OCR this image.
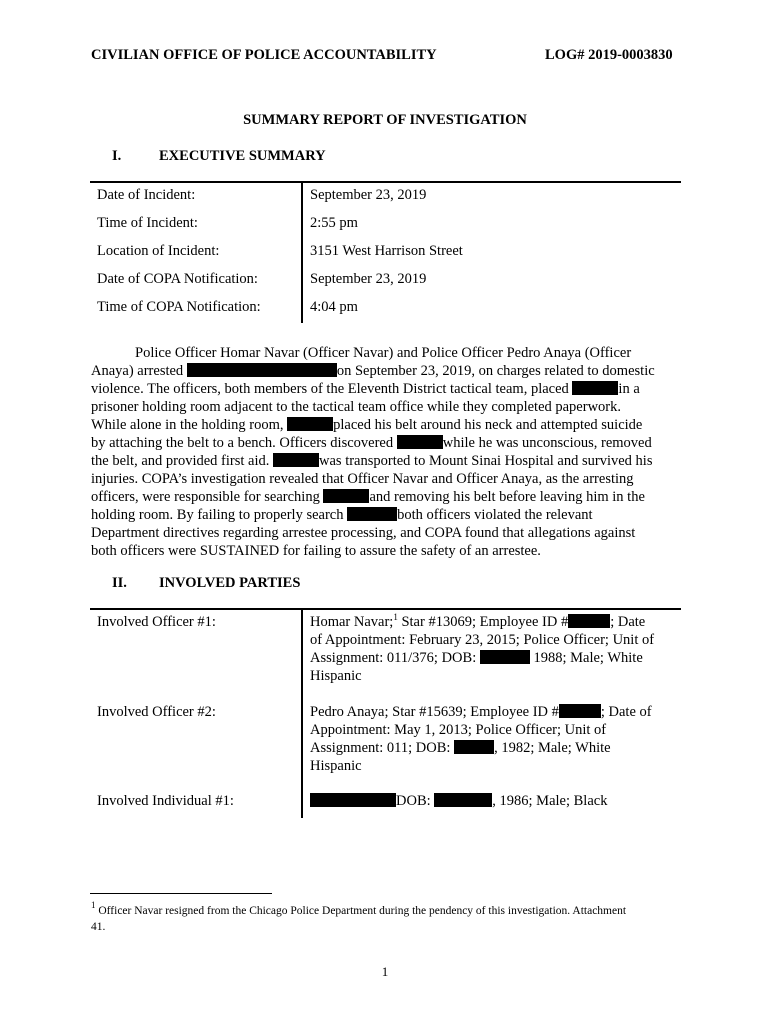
CIVILIAN OFFICE OF POLICE ACCOUNTABILITY	LOG# 2019-0003830
SUMMARY REPORT OF INVESTIGATION
I.	EXECUTIVE SUMMARY
Date of Incident:	September 23, 2019
Time of Incident:	2:55 pm
Location of Incident:	3151 West Harrison Street
Date of COPA Notification:	September 23, 2019
Time of COPA Notification:	4:04 pm
Police Officer Homar Navar (Officer Navar) and Police Officer Pedro Anaya (Officer
Anaya) arrested	on September 23, 2019, on charges related to domestic
violence. The officers, both members of the Eleventh District tactical team, placed	in a
prisoner holding room adjacent to the tactical team office while they completed paperwork.
While alone in the holding room,	placed his belt around his neck and attempted suicide
by attaching the belt to a bench. Officers discovered	while he was unconscious, removed
the belt, and provided first aid.	was transported to Mount Sinai Hospital and survived his
injuries. COPA’s investigation revealed that Officer Navar and Officer Anaya, as the arresting
officers, were responsible for searching	and removing his belt before leaving him in the
holding room. By failing to properly search	both officers violated the relevant
Department directives regarding arrestee processing, and COPA found that allegations against
both officers were SUSTAINED for failing to assure the safety of an arrestee.
II. INVOLVED PARTIES
Involved Officer #1:	Homar Navar;$^1$ Star #13069; Employee ID #	; Date
of Appointment: February 23, 2015; Police Officer; Unit of
Assignment: 011/376; DOB:	1988; Male; White
Hispanic
Involved Officer #2:	Pedro Anaya; Star #15639; Employee ID #	; Date of
Appointment: May 1, 2013; Police Officer; Unit of
Assignment: 011; DOB:	, 1982; Male; White
Hispanic
Involved Individual #1:	DOB:	, 1986; Male; Black
$^1$ Officer Navar resigned from the Chicago Police Department during the pendency of this investigation. Attachment
41.
1
